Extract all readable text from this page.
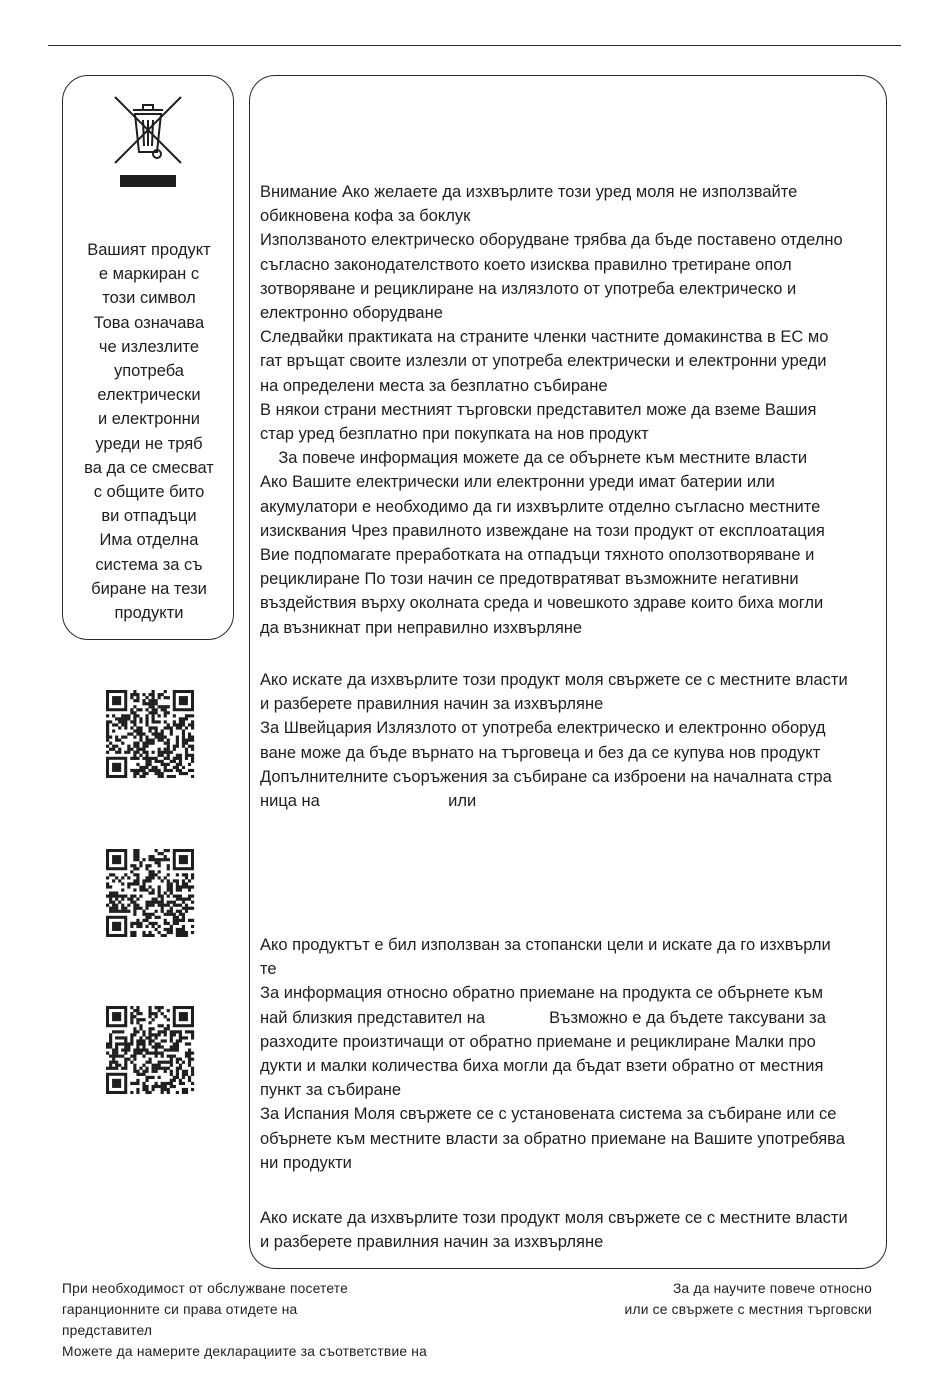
Вашият продукт
е маркиран с
този символ
Това означава
че излезлите
употреба
електрически
и електронни
уреди не тряб
ва да се смесват
с общите бито
ви отпадъци
Има отделна
система за съ
биране на тези
продукти
Внимание Ако желаете да изхвърлите този уред моля не използвайте
обикновена кофа за боклук
Използваното електрическо оборудване трябва да бъде поставено отделно
съгласно законодателството което изисква правилно третиране опол
зотворяване и рециклиране на излязлото от употреба електрическо и
електронно оборудване
Следвайки практиката на страните членки частните домакинства в ЕС мо
гат връщат своите излезли от употреба електрически и електронни уреди
на определени места за безплатно събиране
В някои страни местният търговски представител може да вземе Вашия
стар уред безплатно при покупката на нов продукт
За повече информация можете да се обърнете към местните власти
Ако Вашите електрически или електронни уреди имат батерии или
акумулатори е необходимо да ги изхвърлите отделно съгласно местните
изисквания Чрез правилното извеждане на този продукт от експлоатация
Вие подпомагате преработката на отпадъци тяхното оползотворяване и
рециклиране По този начин се предотвратяват възможните негативни
въздействия върху околната среда и човешкото здраве които биха могли
да възникнат при неправилно изхвърляне
Ако искате да изхвърлите този продукт моля свържете се с местните власти
и разберете правилния начин за изхвърляне
За Швейцария Излязлото от употреба електрическо и електронно оборуд
ване може да бъде върнато на търговеца и без да се купува нов продукт
Допълнителните съоръжения за събиране са изброени на началната стра
ница на                            или
Ако продуктът е бил използван за стопански цели и искате да го изхвърли
те
За информация относно обратно приемане на продукта се обърнете към
най близкия представител на              Възможно е да бъдете таксувани за
разходите произтичащи от обратно приемане и рециклиране Малки про
дукти и малки количества биха могли да бъдат взети обратно от местния
пункт за събиране
За Испания Моля свържете се с установената система за събиране или се
обърнете към местните власти за обратно приемане на Вашите употребява
ни продукти
Ако искате да изхвърлите този продукт моля свържете се с местните власти
и разберете правилния начин за изхвърляне
При необходимост от обслужване посетете
гаранционните си права отидете на
представител
Можете да намерите декларациите за съответствие на
За да научите повече относно
или се свържете с местния търговски
